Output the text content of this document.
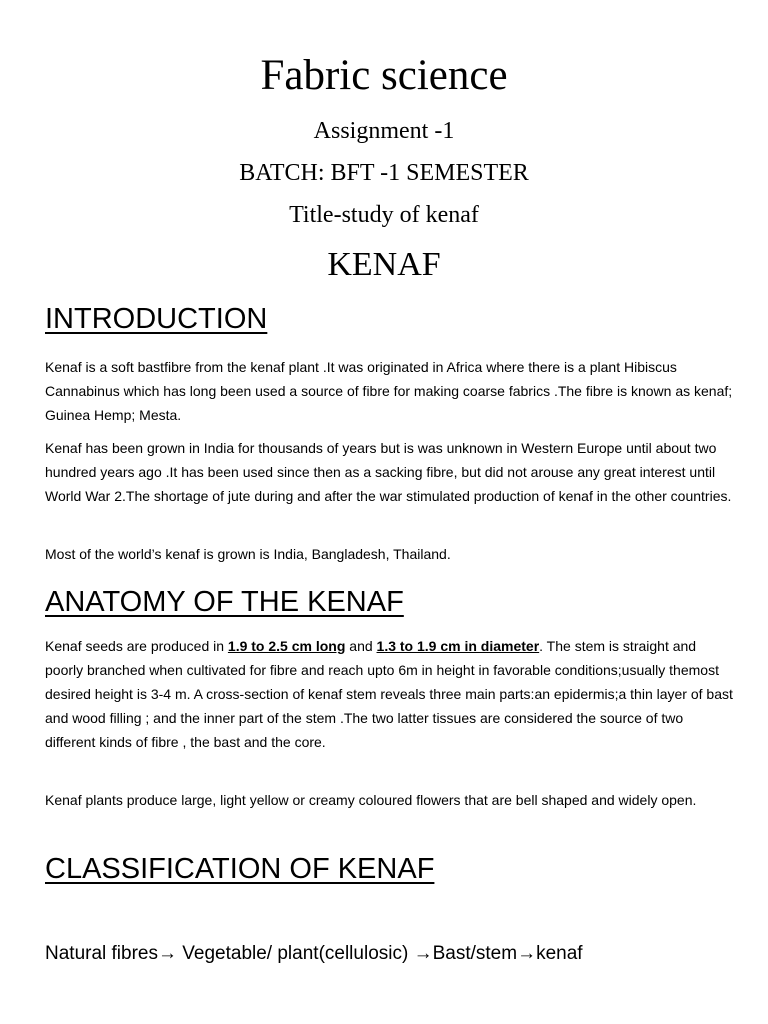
Fabric science
Assignment -1
BATCH: BFT -1 SEMESTER
Title-study of kenaf
KENAF
INTRODUCTION

Kenaf is a soft bastfibre from the kenaf plant .It was originated in Africa where there is a plant Hibiscus Cannabinus which has long been used a source of fibre for making coarse fabrics .The fibre is known as kenaf; Guinea Hemp; Mesta.

Kenaf has been grown in India for thousands of years but is was unknown in Western Europe until about two hundred years ago .It has been used since then as a sacking fibre, but did not arouse any great interest until World War 2.The shortage of jute during and after the war stimulated production of kenaf in the other countries.

Most of the world’s kenaf is grown is India, Bangladesh, Thailand.

ANATOMY OF THE KENAF

Kenaf seeds are produced in 1.9 to 2.5 cm long and 1.3 to 1.9 cm in diameter. The stem is straight and poorly branched when cultivated for fibre and reach upto 6m in height in favorable conditions;usually themost desired height is 3-4 m. A cross-section of kenaf stem reveals three main parts:an epidermis;a thin layer of bast and wood filling ; and the inner part of the stem .The two latter tissues are considered the source of two different kinds of fibre , the bast and the core.

Kenaf plants produce large, light yellow or creamy coloured flowers that are bell shaped and widely open.

CLASSIFICATION OF KENAF

Natural fibres→ Vegetable/ plant(cellulosic) →Bast/stem→kenaf
